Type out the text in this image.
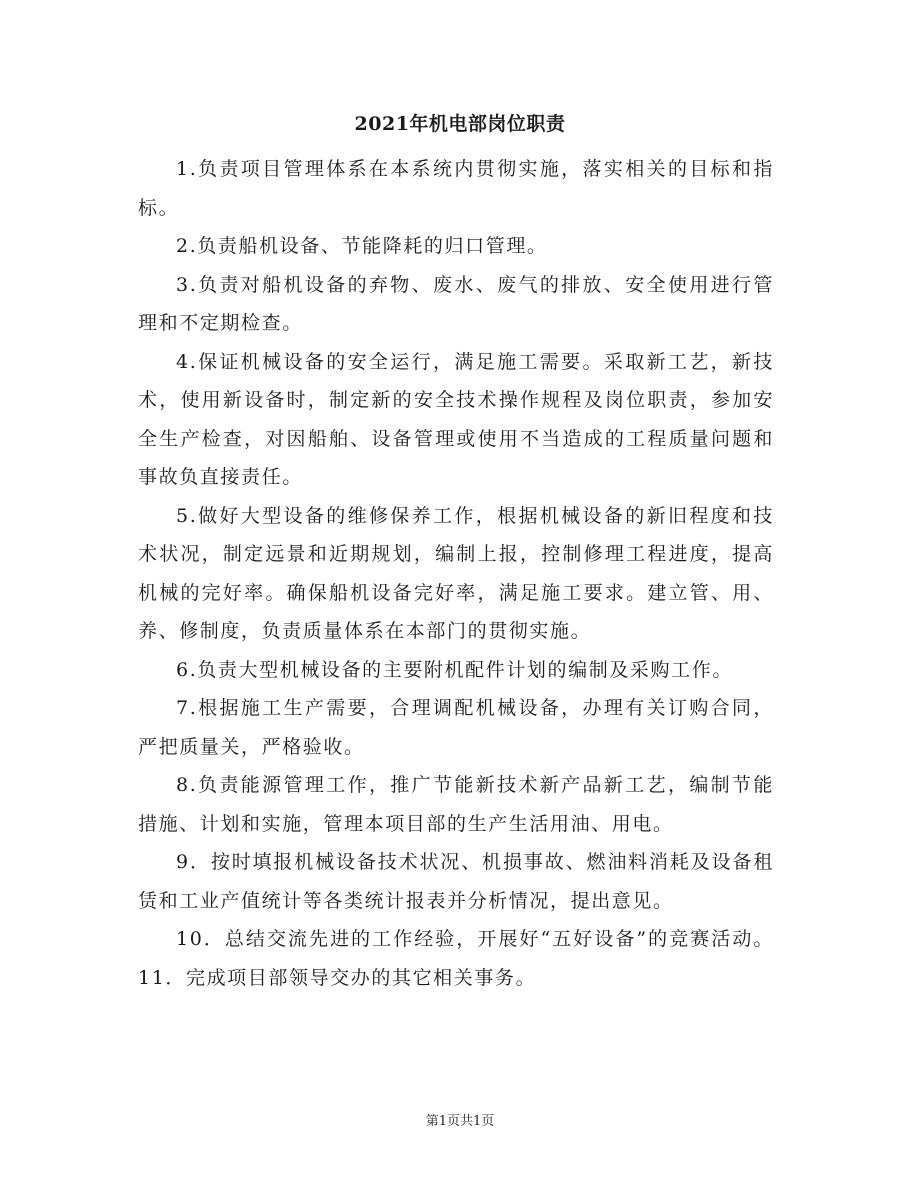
2021年机电部岗位职责

1.负责项目管理体系在本系统内贯彻实施，落实相关的目标和指标。

2.负责船机设备、节能降耗的归口管理。

3.负责对船机设备的弃物、废水、废气的排放、安全使用进行管理和不定期检查。

4.保证机械设备的安全运行，满足施工需要。采取新工艺，新技术，使用新设备时，制定新的安全技术操作规程及岗位职责，参加安全生产检查，对因船舶、设备管理或使用不当造成的工程质量问题和事故负直接责任。

5.做好大型设备的维修保养工作，根据机械设备的新旧程度和技术状况，制定远景和近期规划，编制上报，控制修理工程进度，提高机械的完好率。确保船机设备完好率，满足施工要求。建立管、用、养、修制度，负责质量体系在本部门的贯彻实施。

6.负责大型机械设备的主要附机配件计划的编制及采购工作。

7.根据施工生产需要，合理调配机械设备，办理有关订购合同，严把质量关，严格验收。

8.负责能源管理工作，推广节能新技术新产品新工艺，编制节能措施、计划和实施，管理本项目部的生产生活用油、用电。

9．按时填报机械设备技术状况、机损事故、燃油料消耗及设备租赁和工业产值统计等各类统计报表并分析情况，提出意见。

10．总结交流先进的工作经验，开展好“五好设备”的竞赛活动。11．完成项目部领导交办的其它相关事务。

第1页共1页
